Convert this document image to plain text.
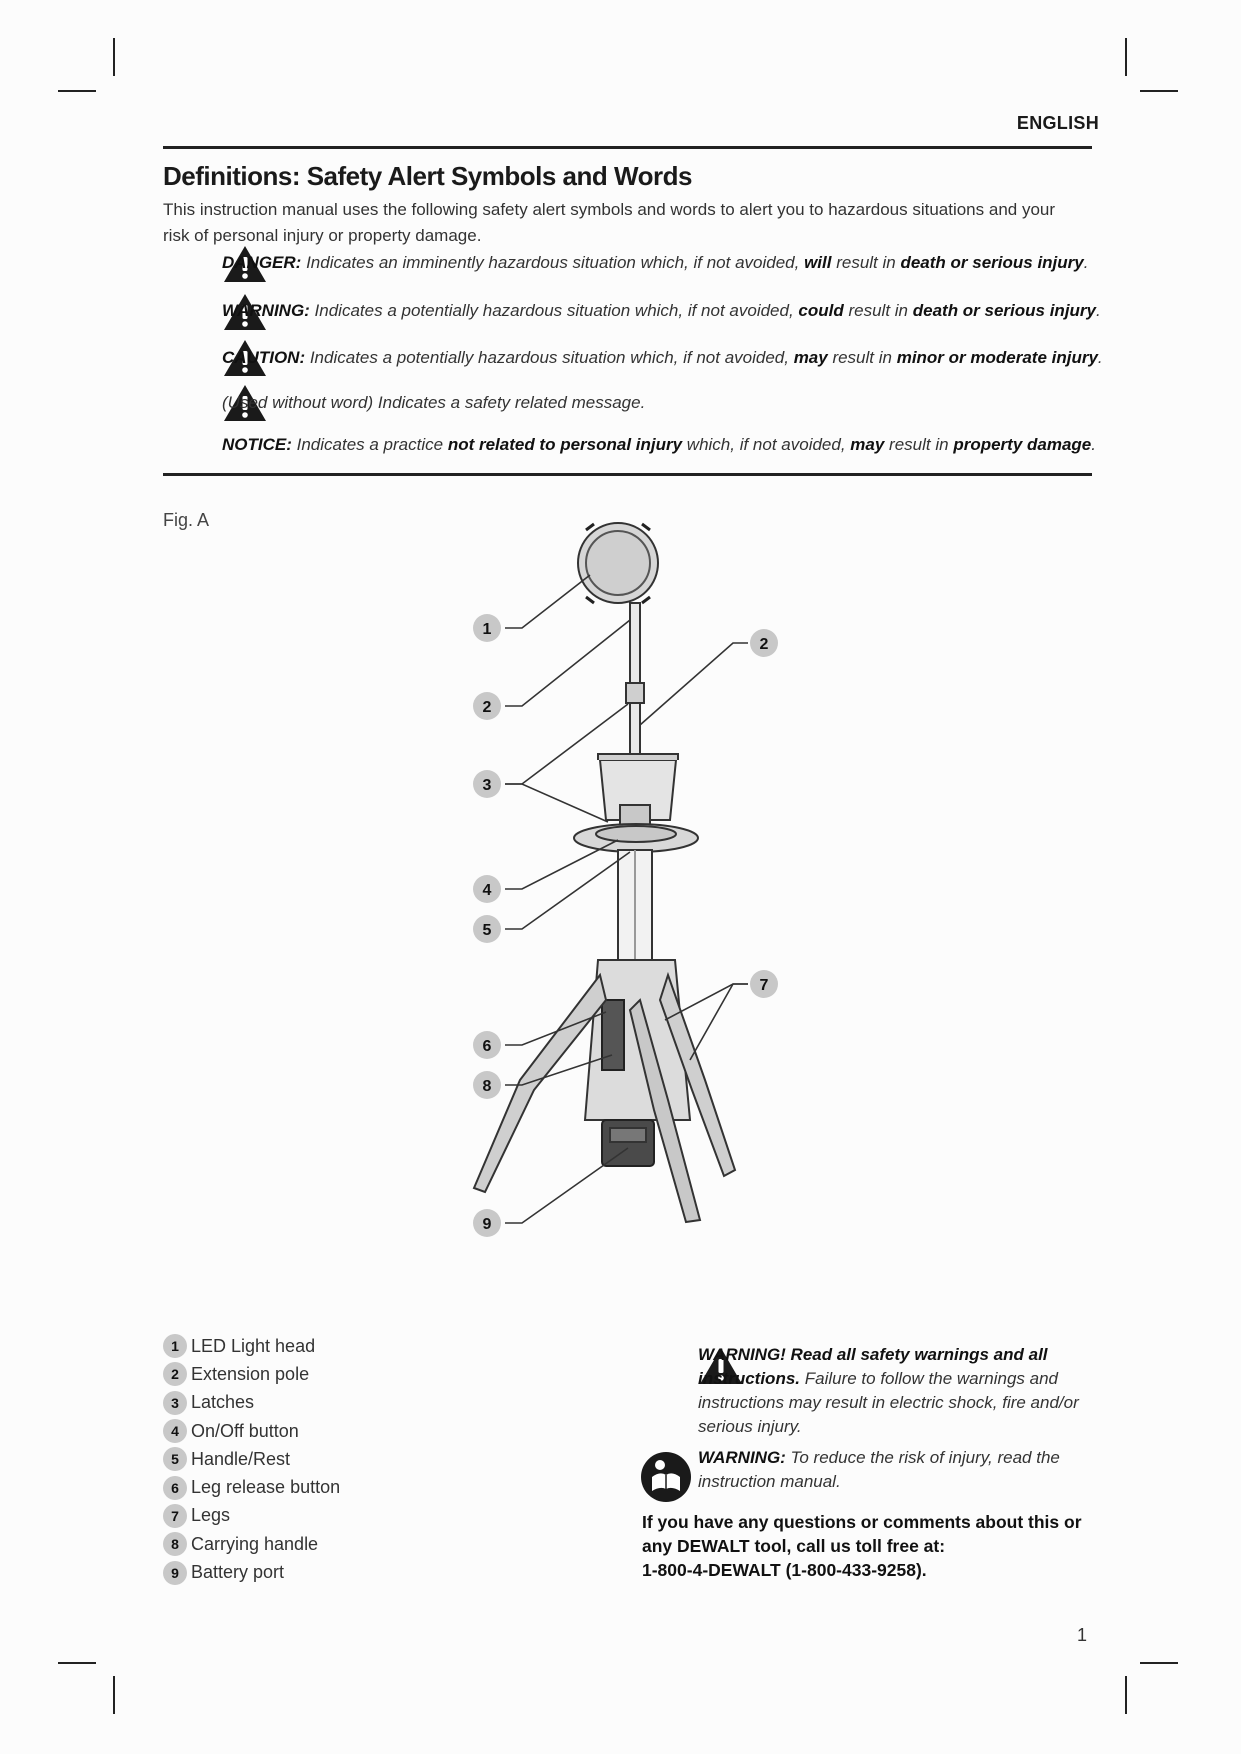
ENGLISH
Definitions: Safety Alert Symbols and Words
This instruction manual uses the following safety alert symbols and words to alert you to hazardous situations and your risk of personal injury or property damage.
DANGER: Indicates an imminently hazardous situation which, if not avoided, will result in death or serious injury.
WARNING: Indicates a potentially hazardous situation which, if not avoided, could result in death or serious injury.
CAUTION: Indicates a potentially hazardous situation which, if not avoided, may result in minor or moderate injury.
(Used without word) Indicates a safety related message.
NOTICE: Indicates a practice not related to personal injury which, if not avoided, may result in property damage.
Fig. A
1
2
2
3
4
5
6
7
8
9
1 LED Light head
2 Extension pole
3 Latches
4 On/Off button
5 Handle/Rest
6 Leg release button
7 Legs
8 Carrying handle
9 Battery port
WARNING! Read all safety warnings and all instructions. Failure to follow the warnings and instructions may result in electric shock, fire and/or serious injury.
WARNING: To reduce the risk of injury, read the instruction manual.
If you have any questions or comments about this or
any DEWALT tool, call us toll free at:
1-800-4-DEWALT (1-800-433-9258).
1
